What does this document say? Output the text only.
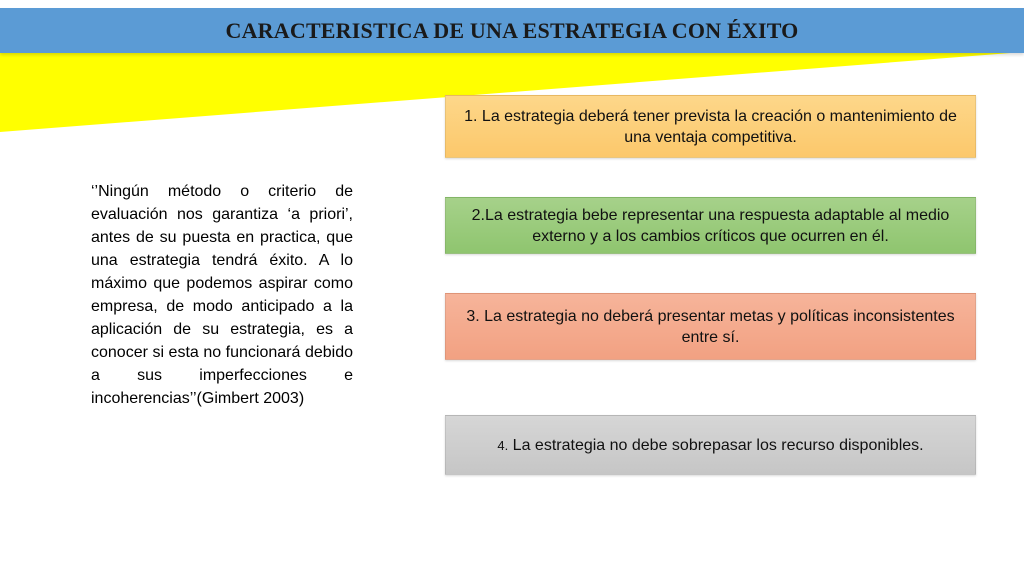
CARACTERISTICA DE UNA ESTRATEGIA CON ÉXITO
‘’Ningún método o criterio de evaluación nos garantiza ‘a priori’, antes de su puesta en practica, que una estrategia tendrá éxito. A lo máximo que podemos aspirar como empresa, de modo anticipado a la aplicación de su estrategia, es a conocer si esta no funcionará debido a sus imperfecciones e incoherencias’’(Gimbert 2003)
1. La estrategia deberá tener prevista la creación o mantenimiento de una ventaja competitiva.
2.La estrategia bebe representar una respuesta adaptable al medio externo y a los cambios críticos que ocurren en él.
3. La estrategia no deberá presentar metas y políticas inconsistentes entre sí.
4. La estrategia no debe sobrepasar los recurso disponibles.
